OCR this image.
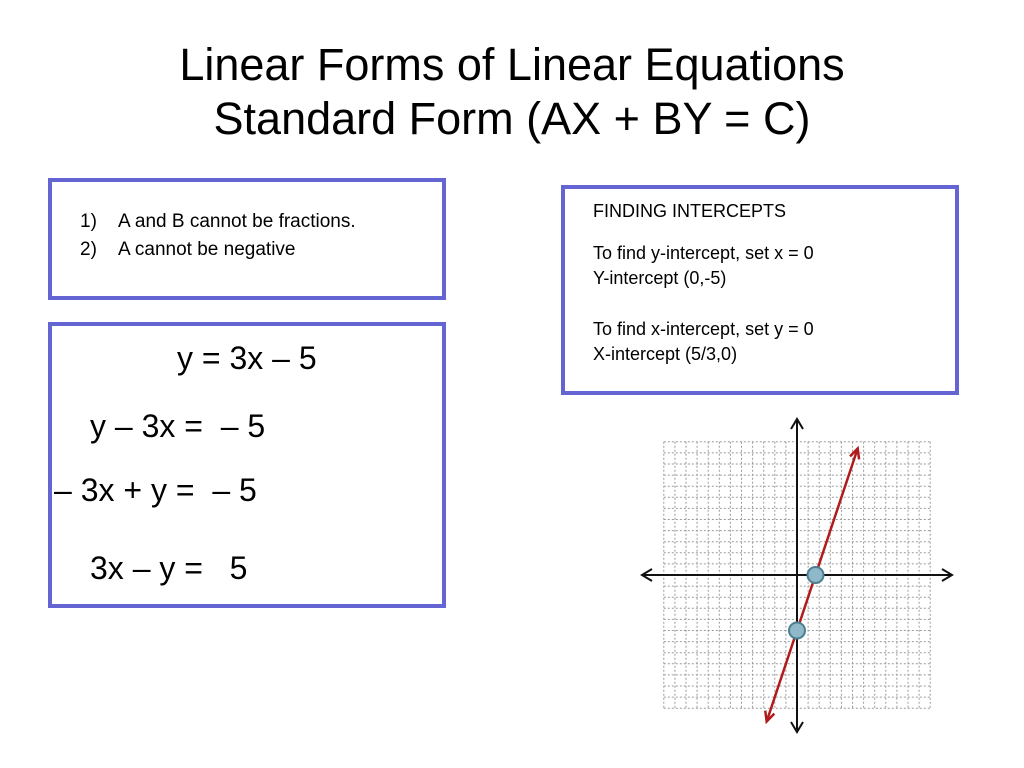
Linear Forms of Linear Equations
Standard Form (AX + BY = C)
1)	A and B cannot be fractions.
2)	A cannot be negative
y = 3x – 5
y – 3x =  – 5
3x – y =   5
– 3x + y =  – 5
FINDING INTERCEPTS
To find y-intercept, set x = 0
Y-intercept (0,-5)
To find x-intercept, set y = 0
X-intercept (5/3,0)
